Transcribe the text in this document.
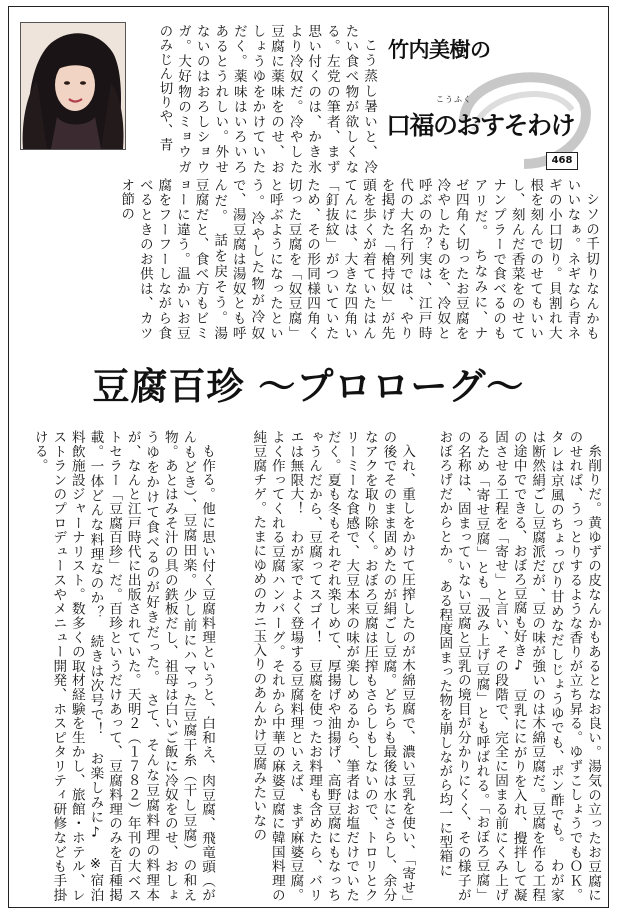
こう蒸し暑いと、冷たい食べ物が欲しくなる。左党の筆者、まず思い付くのは、かき氷より冷奴だ。冷やした豆腐に薬味をのせ、おしょうゆをかけていただく。薬味はいろいろあるとうれしい。外せないのはおろしショウガ。大好物のミョウガのみじん切りや、青	竹内美樹の
こうふく
口福のおすそわけ
468

シソの千切りなんかもいいなぁ。ネギなら青ネギの小口切り。貝割れ大根を刻んでのせてもいいし、刻んだ香菜をのせてナンプラーで食べるのもアリだ。　ちなみに、ナゼ四角く切ったお豆腐を冷やしたものを、冷奴と呼ぶのか？実は、江戸時代の大名行列では、やりを掲げた「槍持奴」が先頭を歩くが着ていたはんてんには、大きな四角い「釘抜紋」がついていたため、その形同様四角く切った豆腐を「奴豆腐」と呼ぶようになったという。冷やした物が冷奴で、湯豆腐は湯奴とも呼んだ。　話を戻そう。湯豆腐だと、食べ方もビミョーに違う。温かいお豆腐をフーフーしながら食べるときのお供は、カツオ節の

豆腐百珍 〜プロローグ〜

糸削りだ。黄ゆずの皮なんかもあるとなお良い。湯気の立ったお豆腐にのせれば、うっとりするような香りが立ち昇る。ゆずこしょうでもＯＫ。タレは京風のちょっぴり甘めなだしじょうゆでも、ポン酢でも。　わが家は断然絹ごし豆腐派だが、豆の味が強いのは木綿豆腐だ。豆腐を作る工程の途中でできる、おぼろ豆腐も好き♪　豆乳ににがりを入れ、攪拌して凝固させる工程を「寄せ」と言い、その段階で、完全に固まる前にくみ上げるため「寄せ豆腐」とも「汲み上げ豆腐」とも呼ばれる。「おぼろ豆腐」の名称は、固まっていない豆腐と豆乳の境目が分かりにくく、その様子がおぼろげだからとか。　ある程度固まった物を崩しながら均一に型箱に

入れ、重しをかけて圧搾したのが木綿豆腐で、濃い豆乳を使い、「寄せ」の後でそのまま固めたのが絹ごし豆腐。どちらも最後は水にさらし、余分なアクを取り除く。おぼろ豆腐は圧搾もさらしもしないので、トロリとクリーミーな食感で、大豆本来の味が楽しめるから、筆者はお塩だけでいただく。夏も冬もそれぞれ楽しめて、厚揚げや油揚げ、高野豆腐にもなっちゃうんだから、豆腐ってスゴイ！　豆腐を使ったお料理も含めたら、バリエは無限大！　わが家でよく登場する豆腐料理といえば、まず麻婆豆腐。よく作ってくれる豆腐ハンバーグ。それから中華の麻婆豆腐に韓国料理の純豆腐チゲ。たまにゆめのカニ玉入りのあんかけ豆腐みたいなの

も作る。他に思い付く豆腐料理というと、白和え、肉豆腐、飛竜頭（がんもどき）、豆腐田楽。少し前にハマった豆腐干糸（干し豆腐）の和え物。あとはみそ汁の具の鉄板だし、祖母は白いご飯に冷奴をのせ、おしょうゆをかけて食べるのが好きだった。　さて、そんな豆腐料理の料理本が、なんと江戸時代に出版されていた。天明２（１７８２）年刊の大ベストセラー「豆腐百珍」だ。百珍というだけあって、豆腐料理のみを百種掲載。一体どんな料理なのか？　続きは次号で！　お楽しみに♪　※宿泊料飲施設ジャーナリスト。数多くの取材経験を生かし、旅館・ホテル、レストランのプロデュースやメニュー開発、ホスピタリティ研修なども手掛ける。
